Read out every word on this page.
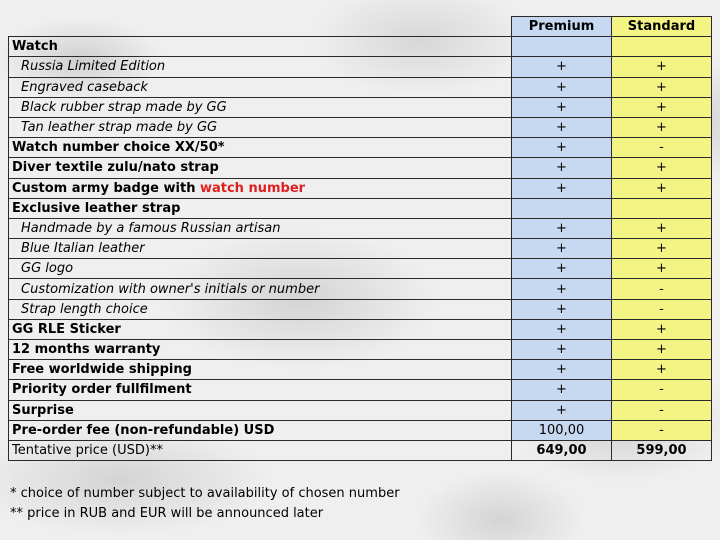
	Premium	Standard
Watch		
Russia Limited Edition	+	+
Engraved caseback	+	+
Black rubber strap made by GG	+	+
Tan leather strap made by GG	+	+
Watch number choice XX/50*	+	-
Diver textile zulu/nato strap	+	+
Custom army badge with watch number	+	+
Exclusive leather strap		
Handmade by a famous Russian artisan	+	+
Blue Italian leather	+	+
GG logo	+	+
Customization with owner's initials or number	+	-
Strap length choice	+	-
GG RLE Sticker	+	+
12 months warranty	+	+
Free worldwide shipping	+	+
Priority order fullfilment	+	-
Surprise	+	-
Pre-order fee (non-refundable) USD	100,00	-
Tentative price (USD)**	649,00	599,00
* choice of number subject to availability of chosen number
** price in RUB and EUR will be announced later
